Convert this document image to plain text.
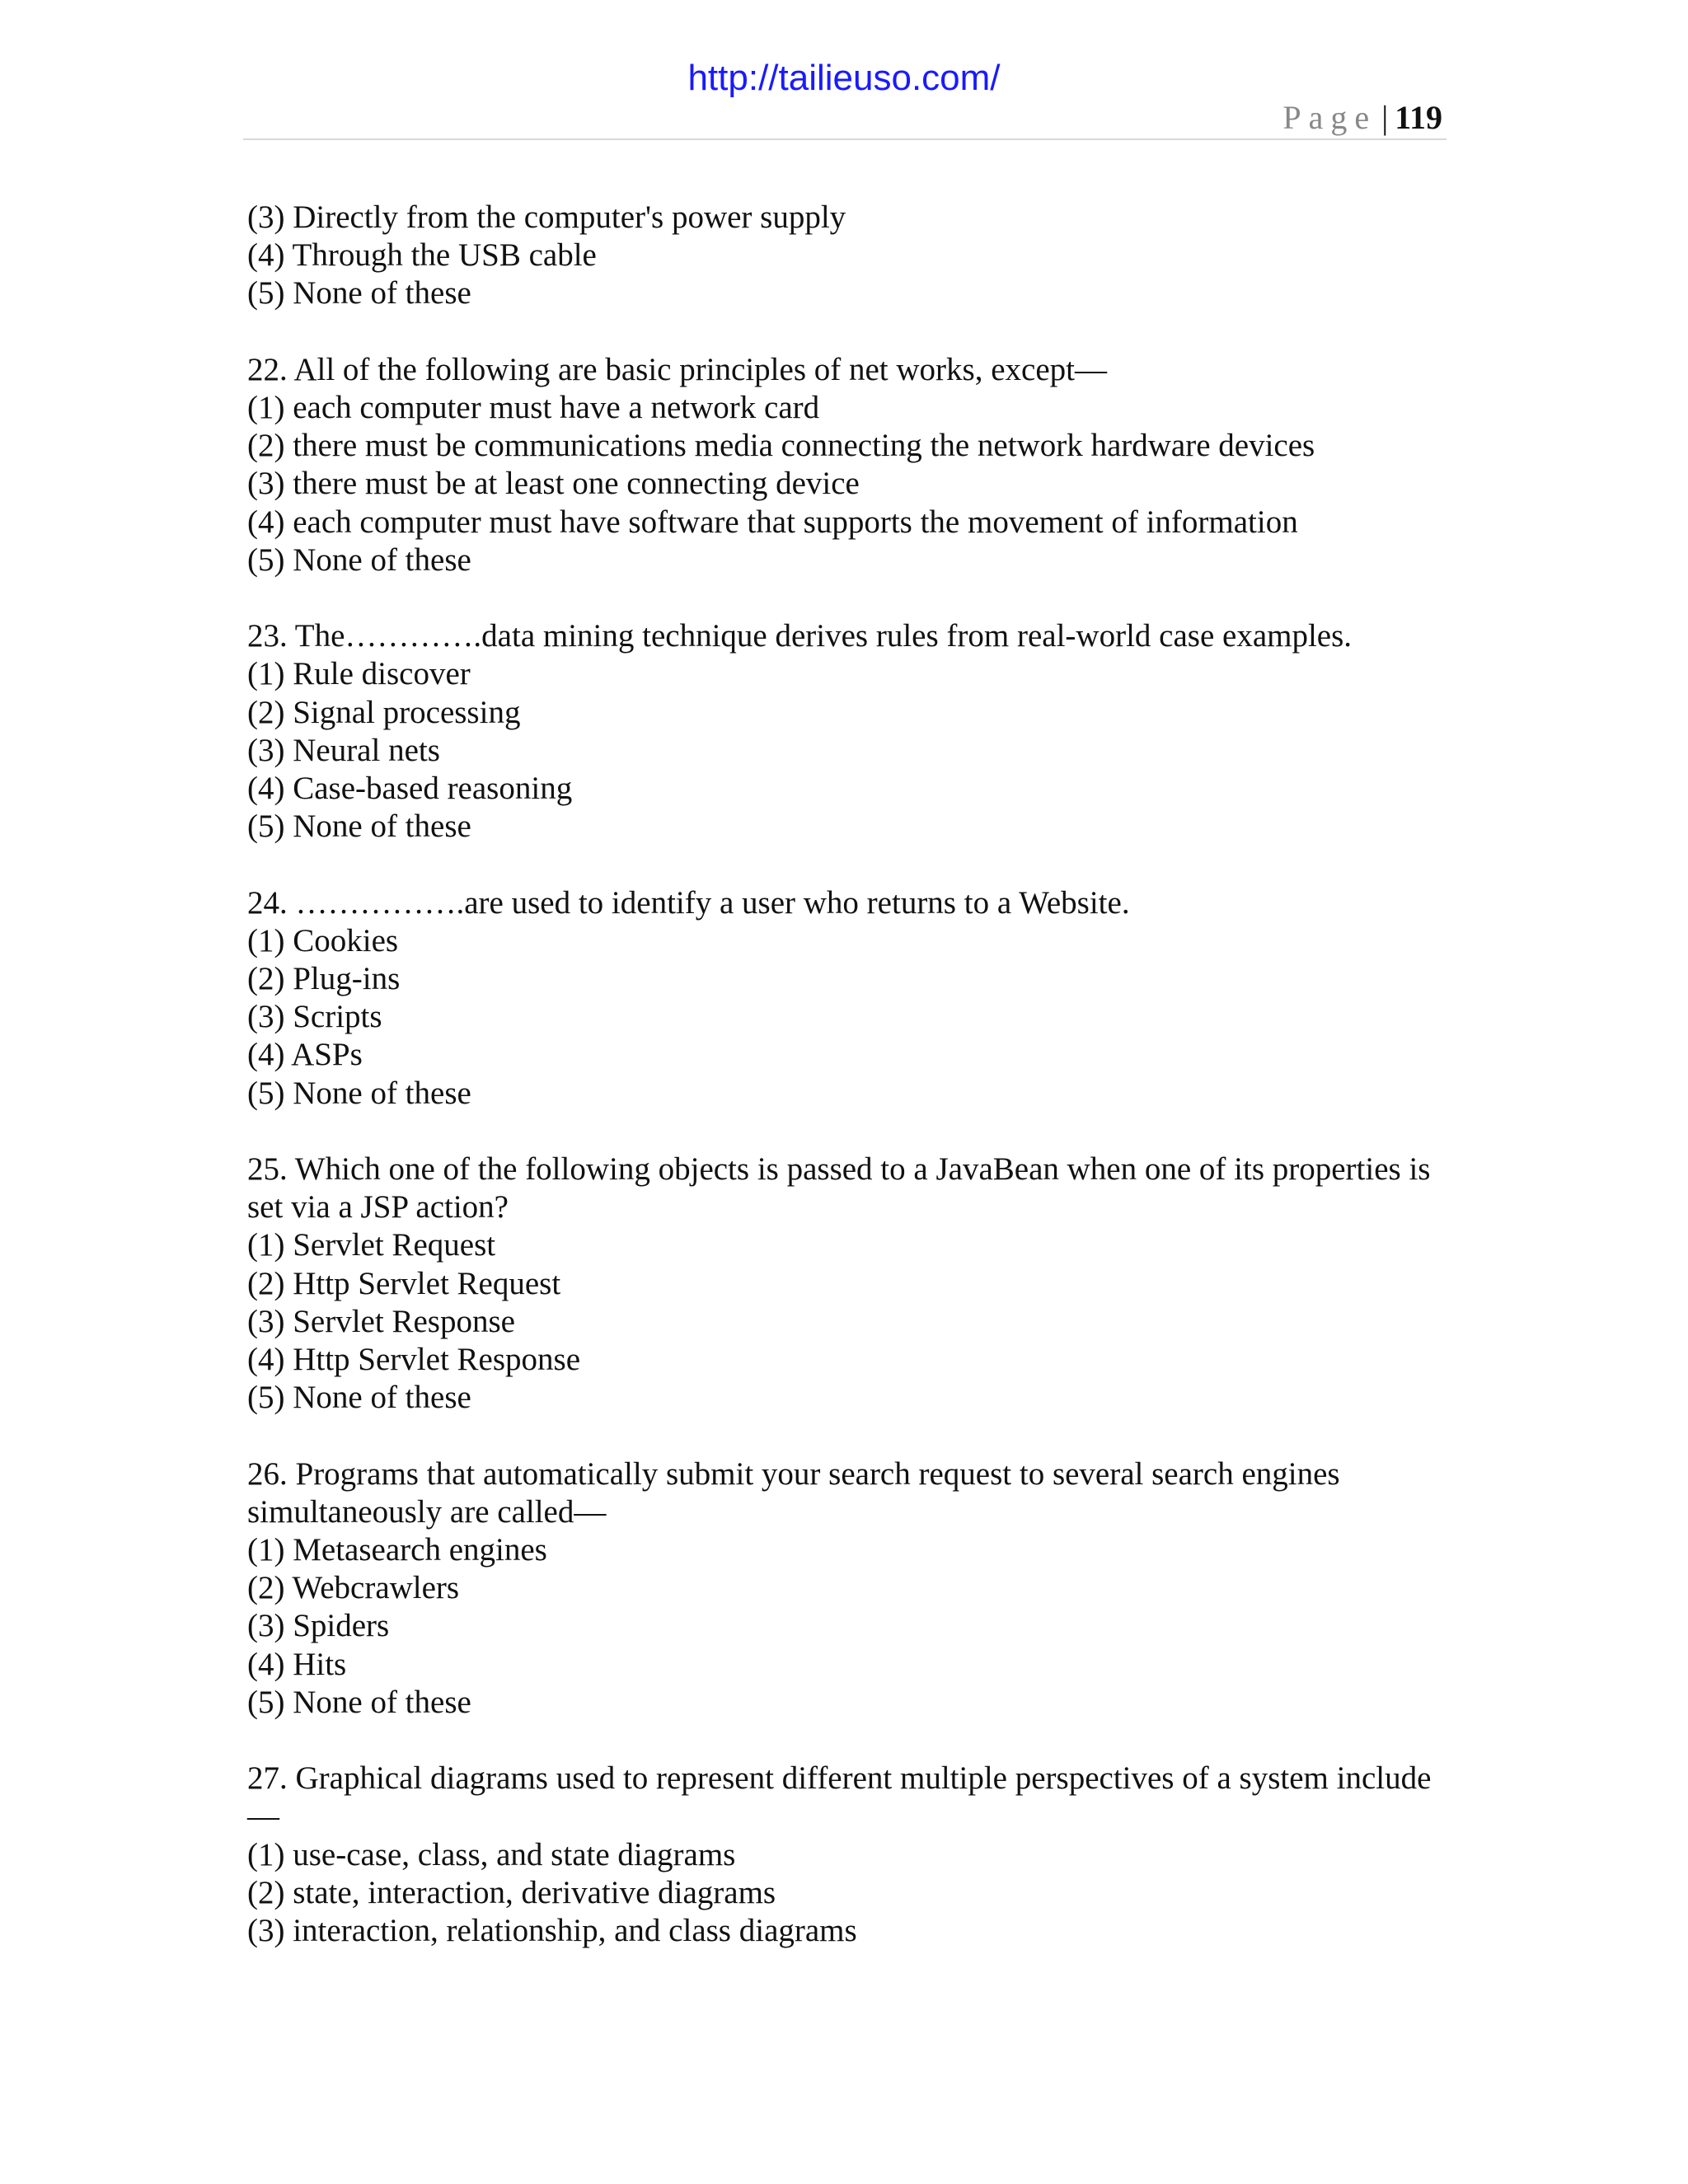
http://tailieuso.com/
Page | 119
(3) Directly from the computer's power supply
(4) Through the USB cable
(5) None of these
22. All of the following are basic principles of net works, except—
(1) each computer must have a network card
(2) there must be communications media connecting the network hardware devices
(3) there must be at least one connecting device
(4) each computer must have software that supports the movement of information
(5) None of these
23. The………….data mining technique derives rules from real-world case examples.
(1) Rule discover
(2) Signal processing
(3) Neural nets
(4) Case-based reasoning
(5) None of these
24. …………….are used to identify a user who returns to a Website.
(1) Cookies
(2) Plug-ins
(3) Scripts
(4) ASPs
(5) None of these
25. Which one of the following objects is passed to a JavaBean when one of its properties is set via a JSP action?
(1) Servlet Request
(2) Http Servlet Request
(3) Servlet Response
(4) Http Servlet Response
(5) None of these
26. Programs that automatically submit your search request to several search engines simultaneously are called—
(1) Metasearch engines
(2) Webcrawlers
(3) Spiders
(4) Hits
(5) None of these
27. Graphical diagrams used to represent different multiple perspectives of a system include—
(1) use-case, class, and state diagrams
(2) state, interaction, derivative diagrams
(3) interaction, relationship, and class diagrams
